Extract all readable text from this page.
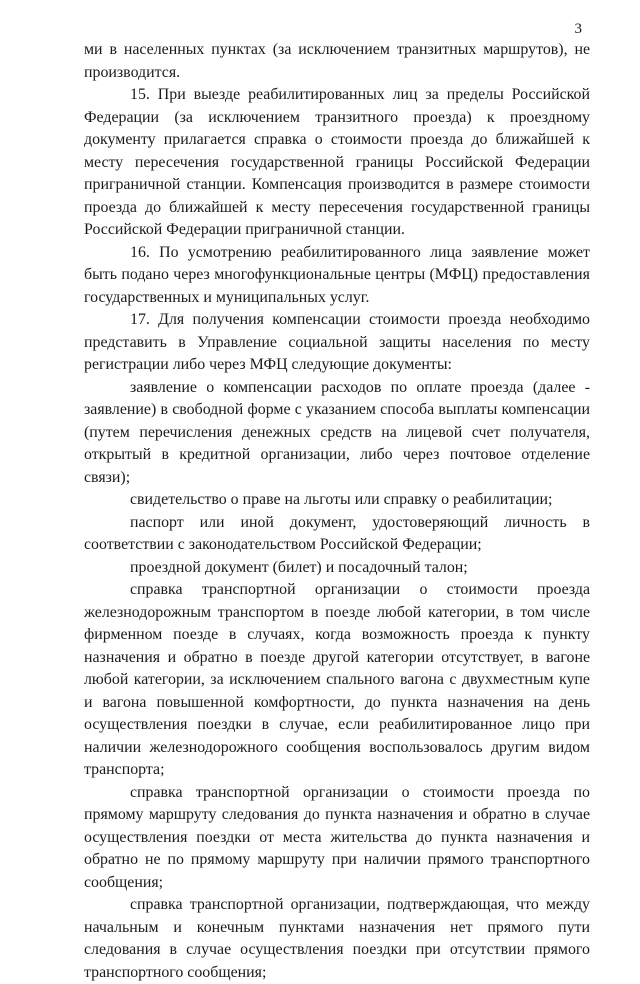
3

ми в населенных пунктах (за исключением транзитных маршрутов), не производится.

15. При выезде реабилитированных лиц за пределы Российской Федерации (за исключением транзитного проезда) к проездному документу прилагается справка о стоимости проезда до ближайшей к месту пересечения государственной границы Российской Федерации приграничной станции. Компенсация производится в размере стоимости проезда до ближайшей к месту пересечения государственной границы Российской Федерации приграничной станции.

16. По усмотрению реабилитированного лица заявление может быть подано через многофункциональные центры (МФЦ) предоставления государственных и муниципальных услуг.

17. Для получения компенсации стоимости проезда необходимо представить в Управление социальной защиты населения по месту регистрации либо через МФЦ следующие документы:

заявление о компенсации расходов по оплате проезда (далее - заявление) в свободной форме с указанием способа выплаты компенсации (путем перечисления денежных средств на лицевой счет получателя, открытый в кредитной организации, либо через почтовое отделение связи);

свидетельство о праве на льготы или справку о реабилитации;

паспорт или иной документ, удостоверяющий личность в соответствии с законодательством Российской Федерации;

проездной документ (билет) и посадочный талон;

справка транспортной организации о стоимости проезда железнодорожным транспортом в поезде любой категории, в том числе фирменном поезде в случаях, когда возможность проезда к пункту назначения и обратно в поезде другой категории отсутствует, в вагоне любой категории, за исключением спального вагона с двухместным купе и вагона повышенной комфортности, до пункта назначения на день осуществления поездки в случае, если реабилитированное лицо при наличии железнодорожного сообщения воспользовалось другим видом транспорта;

справка транспортной организации о стоимости проезда по прямому маршруту следования до пункта назначения и обратно в случае осуществления поездки от места жительства до пункта назначения и обратно не по прямому маршруту при наличии прямого транспортного сообщения;

справка транспортной организации, подтверждающая, что между начальным и конечным пунктами назначения нет прямого пути следования в случае осуществления поездки при отсутствии прямого транспортного сообщения;
